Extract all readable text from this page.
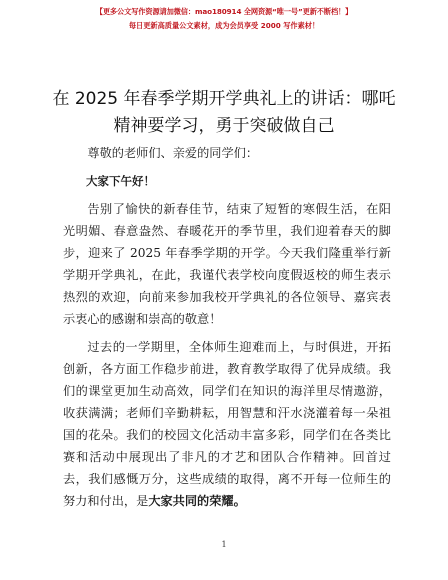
【更多公文写作资源请加微信：mao180914 全网资源“唯一号”更新不断档！】
每日更新高质量公文素材，成为会员享受 2000 写作素材！
在 2025 年春季学期开学典礼上的讲话：哪吒精神要学习，勇于突破做自己

尊敬的老师们、亲爱的同学们：

大家下午好！

告别了愉快的新春佳节，结束了短暂的寒假生活，在阳光明媚、春意盎然、春暖花开的季节里，我们迎着春天的脚步，迎来了 2025 年春季学期的开学。今天我们隆重举行新学期开学典礼，在此，我谨代表学校向度假返校的师生表示热烈的欢迎，向前来参加我校开学典礼的各位领导、嘉宾表示衷心的感谢和崇高的敬意！

过去的一学期里，全体师生迎难而上，与时俱进，开拓创新，各方面工作稳步前进，教育教学取得了优异成绩。我们的课堂更加生动高效，同学们在知识的海洋里尽情遨游，收获满满；老师们辛勤耕耘，用智慧和汗水浇灌着每一朵祖国的花朵。我们的校园文化活动丰富多彩，同学们在各类比赛和活动中展现出了非凡的才艺和团队合作精神。回首过去，我们感慨万分，这些成绩的取得，离不开每一位师生的努力和付出，是大家共同的荣耀。

1
